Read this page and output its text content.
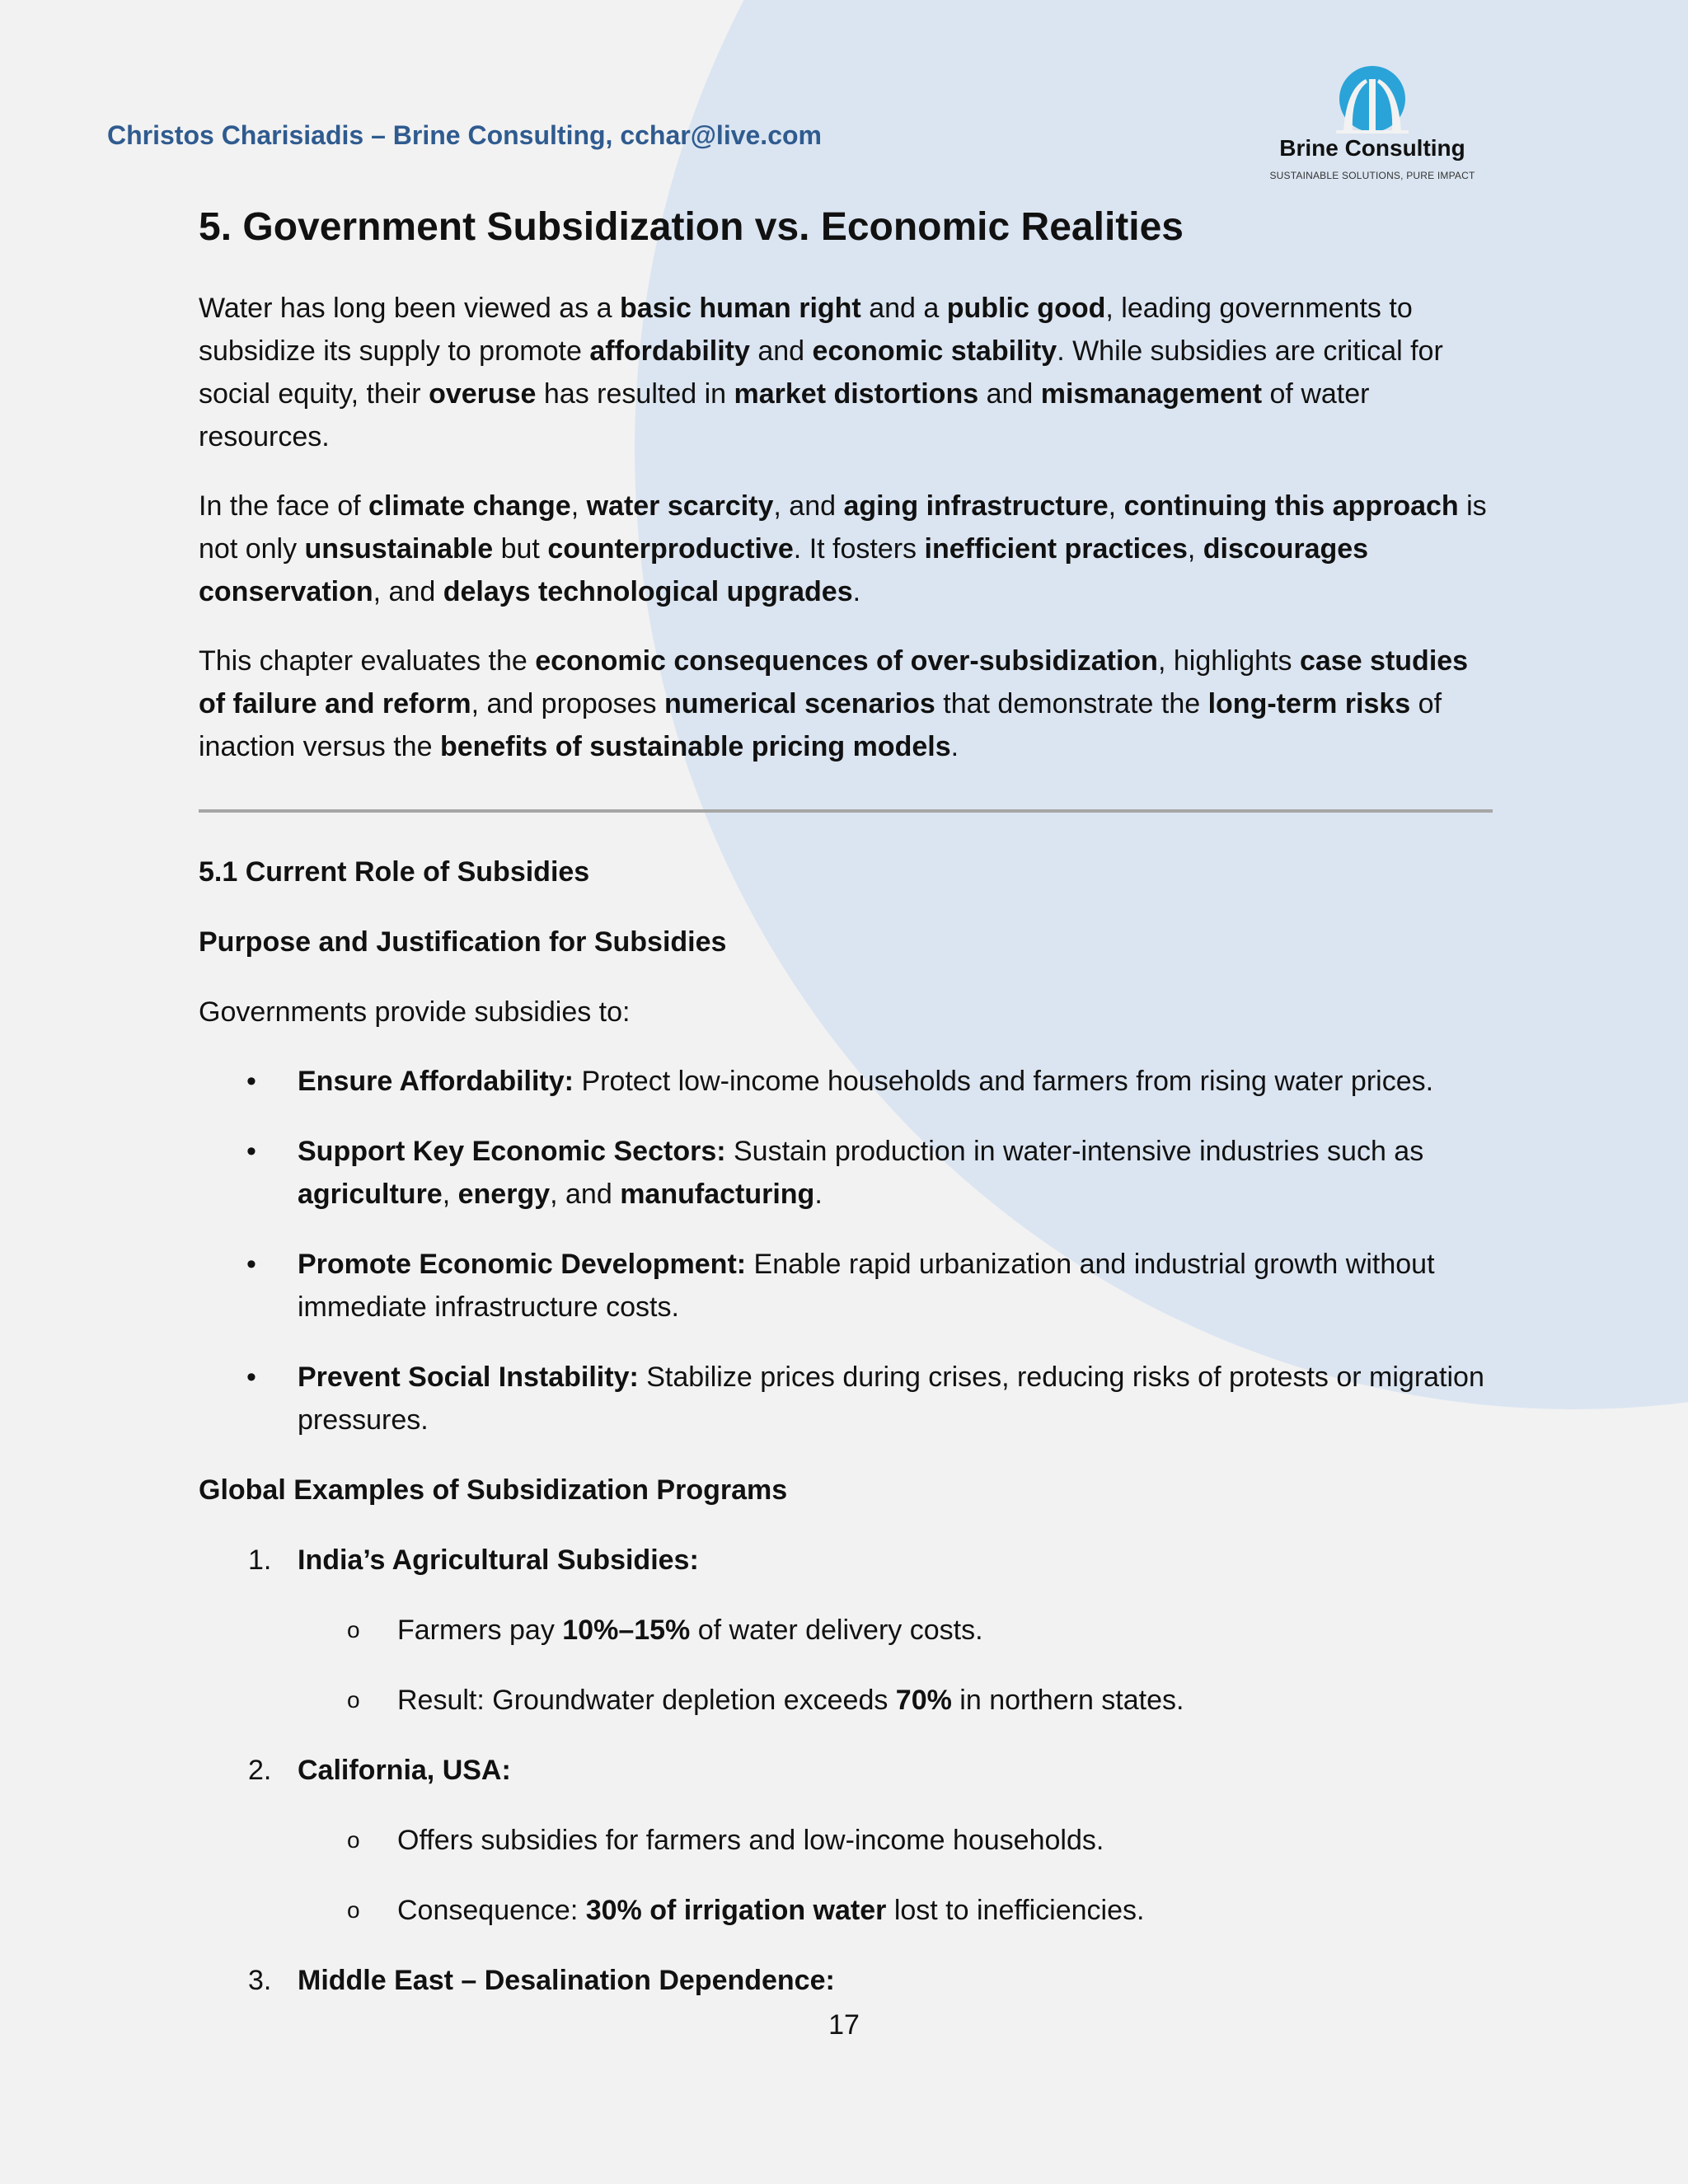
Christos Charisiadis – Brine Consulting, cchar@live.com	Brine Consulting
SUSTAINABLE SOLUTIONS, PURE IMPACT
5. Government Subsidization vs. Economic Realities

Water has long been viewed as a basic human right and a public good, leading governments to subsidize its supply to promote affordability and economic stability. While subsidies are critical for social equity, their overuse has resulted in market distortions and mismanagement of water resources.

In the face of climate change, water scarcity, and aging infrastructure, continuing this approach is not only unsustainable but counterproductive. It fosters inefficient practices, discourages conservation, and delays technological upgrades.

This chapter evaluates the economic consequences of over-subsidization, highlights case studies of failure and reform, and proposes numerical scenarios that demonstrate the long-term risks of inaction versus the benefits of sustainable pricing models.

5.1 Current Role of Subsidies
Purpose and Justification for Subsidies

Governments provide subsidies to:

• Ensure Affordability: Protect low-income households and farmers from rising water prices.
• Support Key Economic Sectors: Sustain production in water-intensive industries such as agriculture, energy, and manufacturing.
• Promote Economic Development: Enable rapid urbanization and industrial growth without immediate infrastructure costs.
• Prevent Social Instability: Stabilize prices during crises, reducing risks of protests or migration pressures.
Global Examples of Subsidization Programs
1. India’s Agricultural Subsidies:
o Farmers pay 10%–15% of water delivery costs.
o Result: Groundwater depletion exceeds 70% in northern states.
2. California, USA:
o Offers subsidies for farmers and low-income households.
o Consequence: 30% of irrigation water lost to inefficiencies.
3. Middle East – Desalination Dependence:
17
